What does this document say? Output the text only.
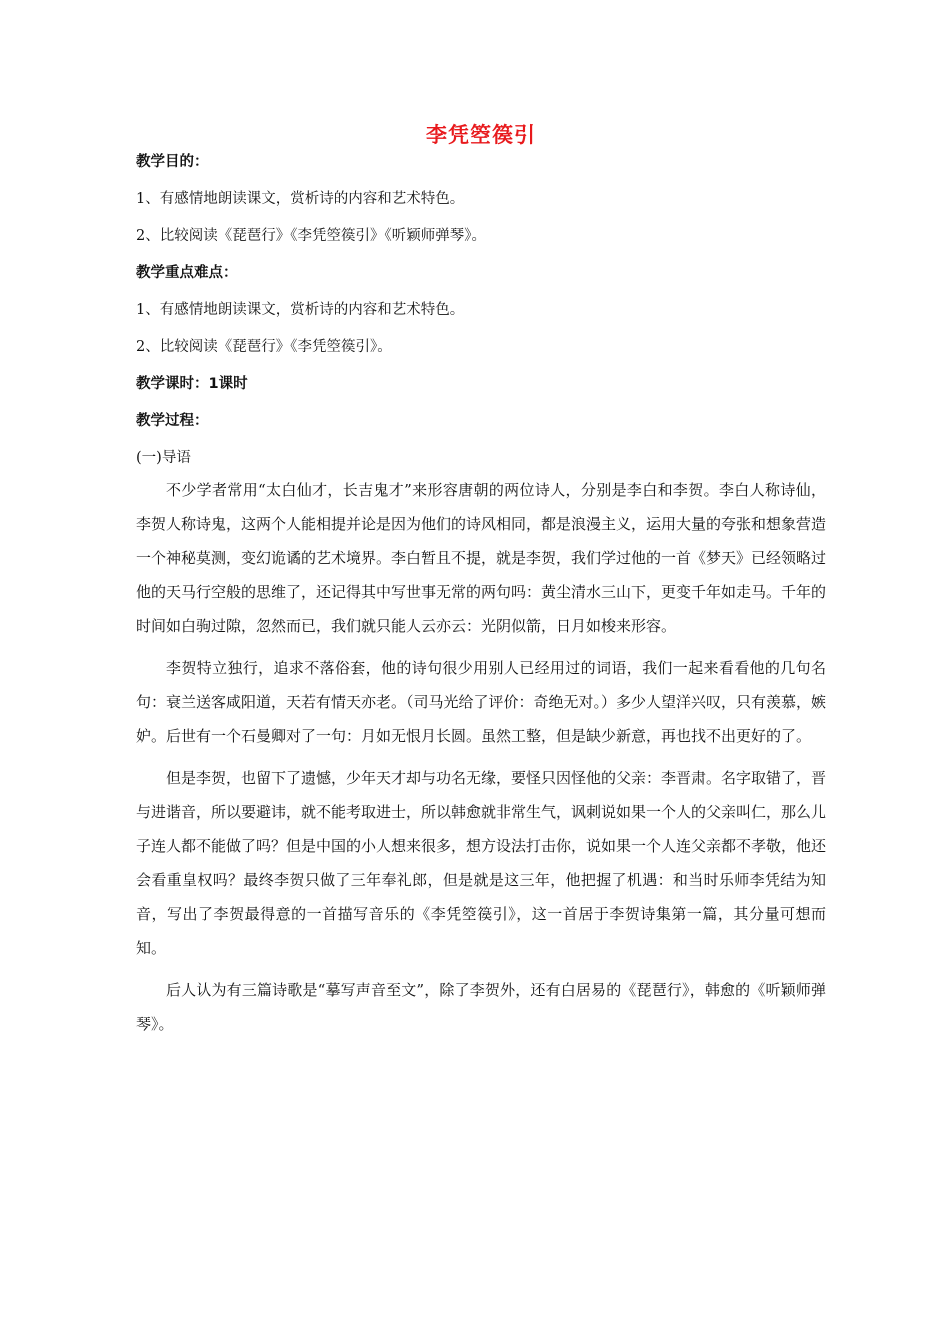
李凭箜篌引

教学目的：

1、有感情地朗读课文，赏析诗的内容和艺术特色。

2、比较阅读《琵琶行》《李凭箜篌引》《听颖师弹琴》。

教学重点难点：

1、有感情地朗读课文，赏析诗的内容和艺术特色。

2、比较阅读《琵琶行》《李凭箜篌引》。

教学课时：1课时

教学过程：

(一)导语

不少学者常用“太白仙才，长吉鬼才”来形容唐朝的两位诗人，分别是李白和李贺。李白人称诗仙，李贺人称诗鬼，这两个人能相提并论是因为他们的诗风相同，都是浪漫主义，运用大量的夸张和想象营造一个神秘莫测，变幻诡谲的艺术境界。李白暂且不提，就是李贺，我们学过他的一首《梦天》已经领略过他的天马行空般的思维了，还记得其中写世事无常的两句吗：黄尘清水三山下，更变千年如走马。千年的时间如白驹过隙，忽然而已，我们就只能人云亦云：光阴似箭，日月如梭来形容。

李贺特立独行，追求不落俗套，他的诗句很少用别人已经用过的词语，我们一起来看看他的几句名句：衰兰送客咸阳道，天若有情天亦老。（司马光给了评价：奇绝无对。）多少人望洋兴叹，只有羡慕，嫉妒。后世有一个石曼卿对了一句：月如无恨月长圆。虽然工整，但是缺少新意，再也找不出更好的了。

但是李贺，也留下了遗憾，少年天才却与功名无缘，要怪只因怪他的父亲：李晋肃。名字取错了，晋与进谐音，所以要避讳，就不能考取进士，所以韩愈就非常生气，讽刺说如果一个人的父亲叫仁，那么儿子连人都不能做了吗？但是中国的小人想来很多，想方设法打击你，说如果一个人连父亲都不孝敬，他还会看重皇权吗？最终李贺只做了三年奉礼郎，但是就是这三年，他把握了机遇：和当时乐师李凭结为知音，写出了李贺最得意的一首描写音乐的《李凭箜篌引》，这一首居于李贺诗集第一篇，其分量可想而知。

后人认为有三篇诗歌是“摹写声音至文”，除了李贺外，还有白居易的《琵琶行》，韩愈的《听颖师弹琴》。
